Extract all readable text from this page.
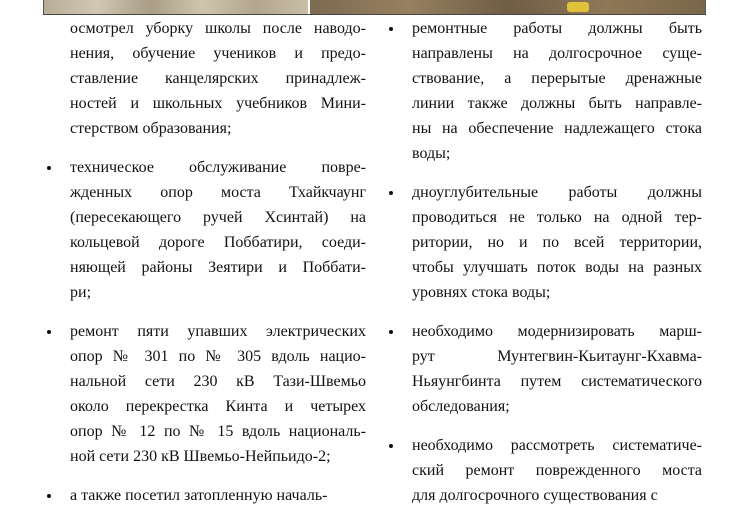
осмотрел уборку школы после наводо-
нения, обучение учеников и предо-
ставление канцелярских принадлеж-
ностей и школьных учебников Мини-
стерством образования;
техническое обслуживание повре-
жденных опор моста Тхайкчаунг
(пересекающего ручей Хсинтай) на
кольцевой дороге Поббатири, соеди-
няющей районы Зеятири и Поббати-
ри;
ремонт пяти упавших электрических
опор № 301 по № 305 вдоль нацио-
нальной сети 230 кВ Тази-Швемьо
около перекрестка Кинта и четырех
опор № 12 по № 15 вдоль нациoналь-
ной сети 230 кВ Швемьо-Нейпьидо-2;
а также посетил затопленную началь-
ремонтные работы должны быть
направлены на долгосрочное суще-
ствование, а перерытые дренажные
линии также должны быть направле-
ны на обеспечение надлежащего стока
воды;
дноуглубительные работы должны
проводиться не только на одной тер-
ритории, но и по всей территории,
чтобы улучшать поток воды на разных
уровнях стока воды;
необходимо модернизировать марш-
рут Мунтегвин-Кьитаунг-Кхавма-
Ньяунгбинта путем систематического
обследования;
необходимо рассмотреть систематиче-
ский ремонт поврежденного моста
для долгосрочного существования с
